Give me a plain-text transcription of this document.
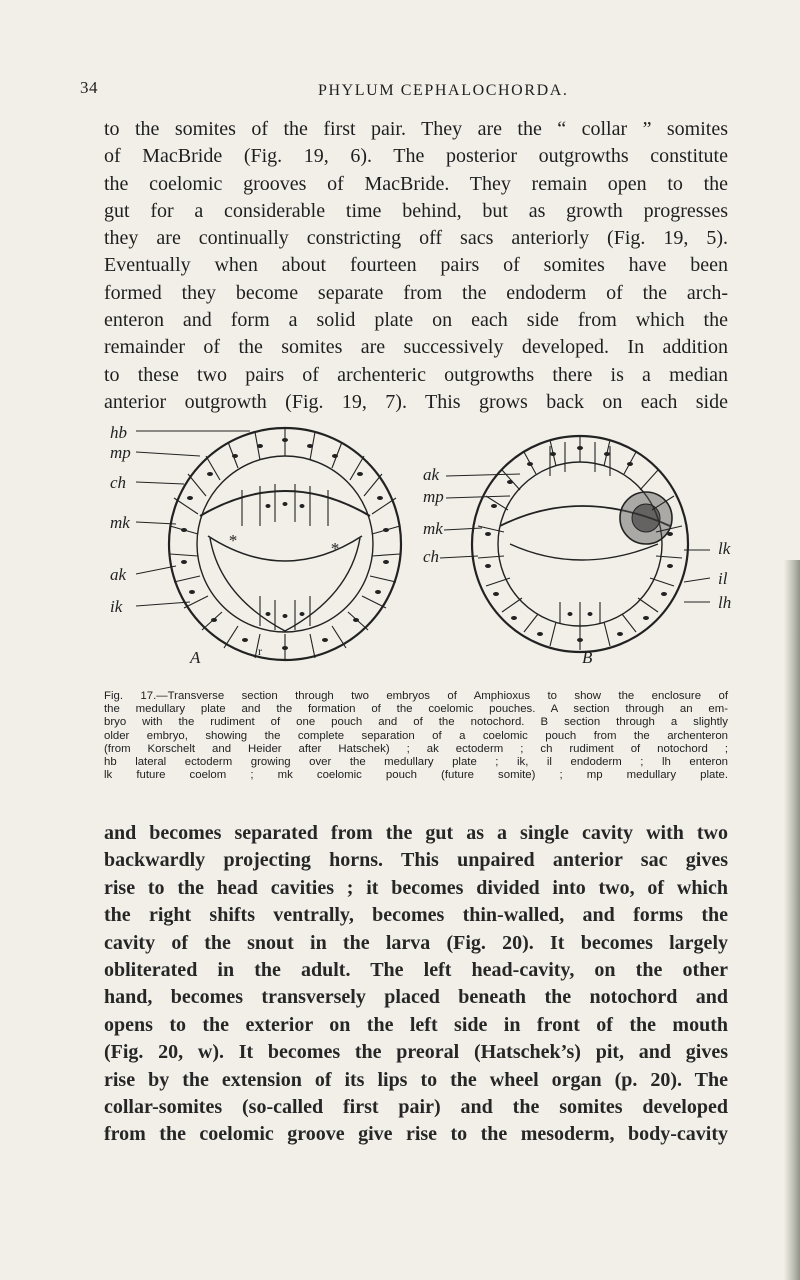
34	PHYLUM CEPHALOCHORDA.
to the somites of the first pair. They are the “ collar ” somites
of MacBride (Fig. 19, 6). The posterior outgrowths constitute
the coelomic grooves of MacBride. They remain open to the
gut for a considerable time behind, but as growth progresses
they are continually constricting off sacs anteriorly (Fig. 19, 5).
Eventually when about fourteen pairs of somites have been
formed they become separate from the endoderm of the arch-
enteron and form a solid plate on each side from which the
remainder of the somites are successively developed. In addition
to these two pairs of archenteric outgrowths there is a median
anterior outgrowth (Fig. 19, 7). This grows back on each side
hb
mp
ch
mk
ak
ik
*	*
ak
mp
mk
ch	lk
il
lh
A	r	B
Fig. 17.—Transverse section through two embryos of Amphioxus to show the enclosure of
the medullary plate and the formation of the coelomic pouches. A section through an em-
bryo with the rudiment of one pouch and of the notochord. B section through a slightly
older embryo, showing the complete separation of a coelomic pouch from the archenteron
(from Korschelt and Heider after Hatschek) ; ak ectoderm ; ch rudiment of notochord ;
hb lateral ectoderm growing over the medullary plate ; ik, il endoderm ; lh enteron
lk future coelom ; mk coelomic pouch (future somite) ; mp medullary plate.
and becomes separated from the gut as a single cavity with two
backwardly projecting horns. This unpaired anterior sac gives
rise to the head cavities ; it becomes divided into two, of which
the right shifts ventrally, becomes thin-walled, and forms the
cavity of the snout in the larva (Fig. 20). It becomes largely
obliterated in the adult. The left head-cavity, on the other
hand, becomes transversely placed beneath the notochord and
opens to the exterior on the left side in front of the mouth
(Fig. 20, w). It becomes the preoral (Hatschek’s) pit, and gives
rise by the extension of its lips to the wheel organ (p. 20). The
collar-somites (so-called first pair) and the somites developed
from the coelomic groove give rise to the mesoderm, body-cavity
